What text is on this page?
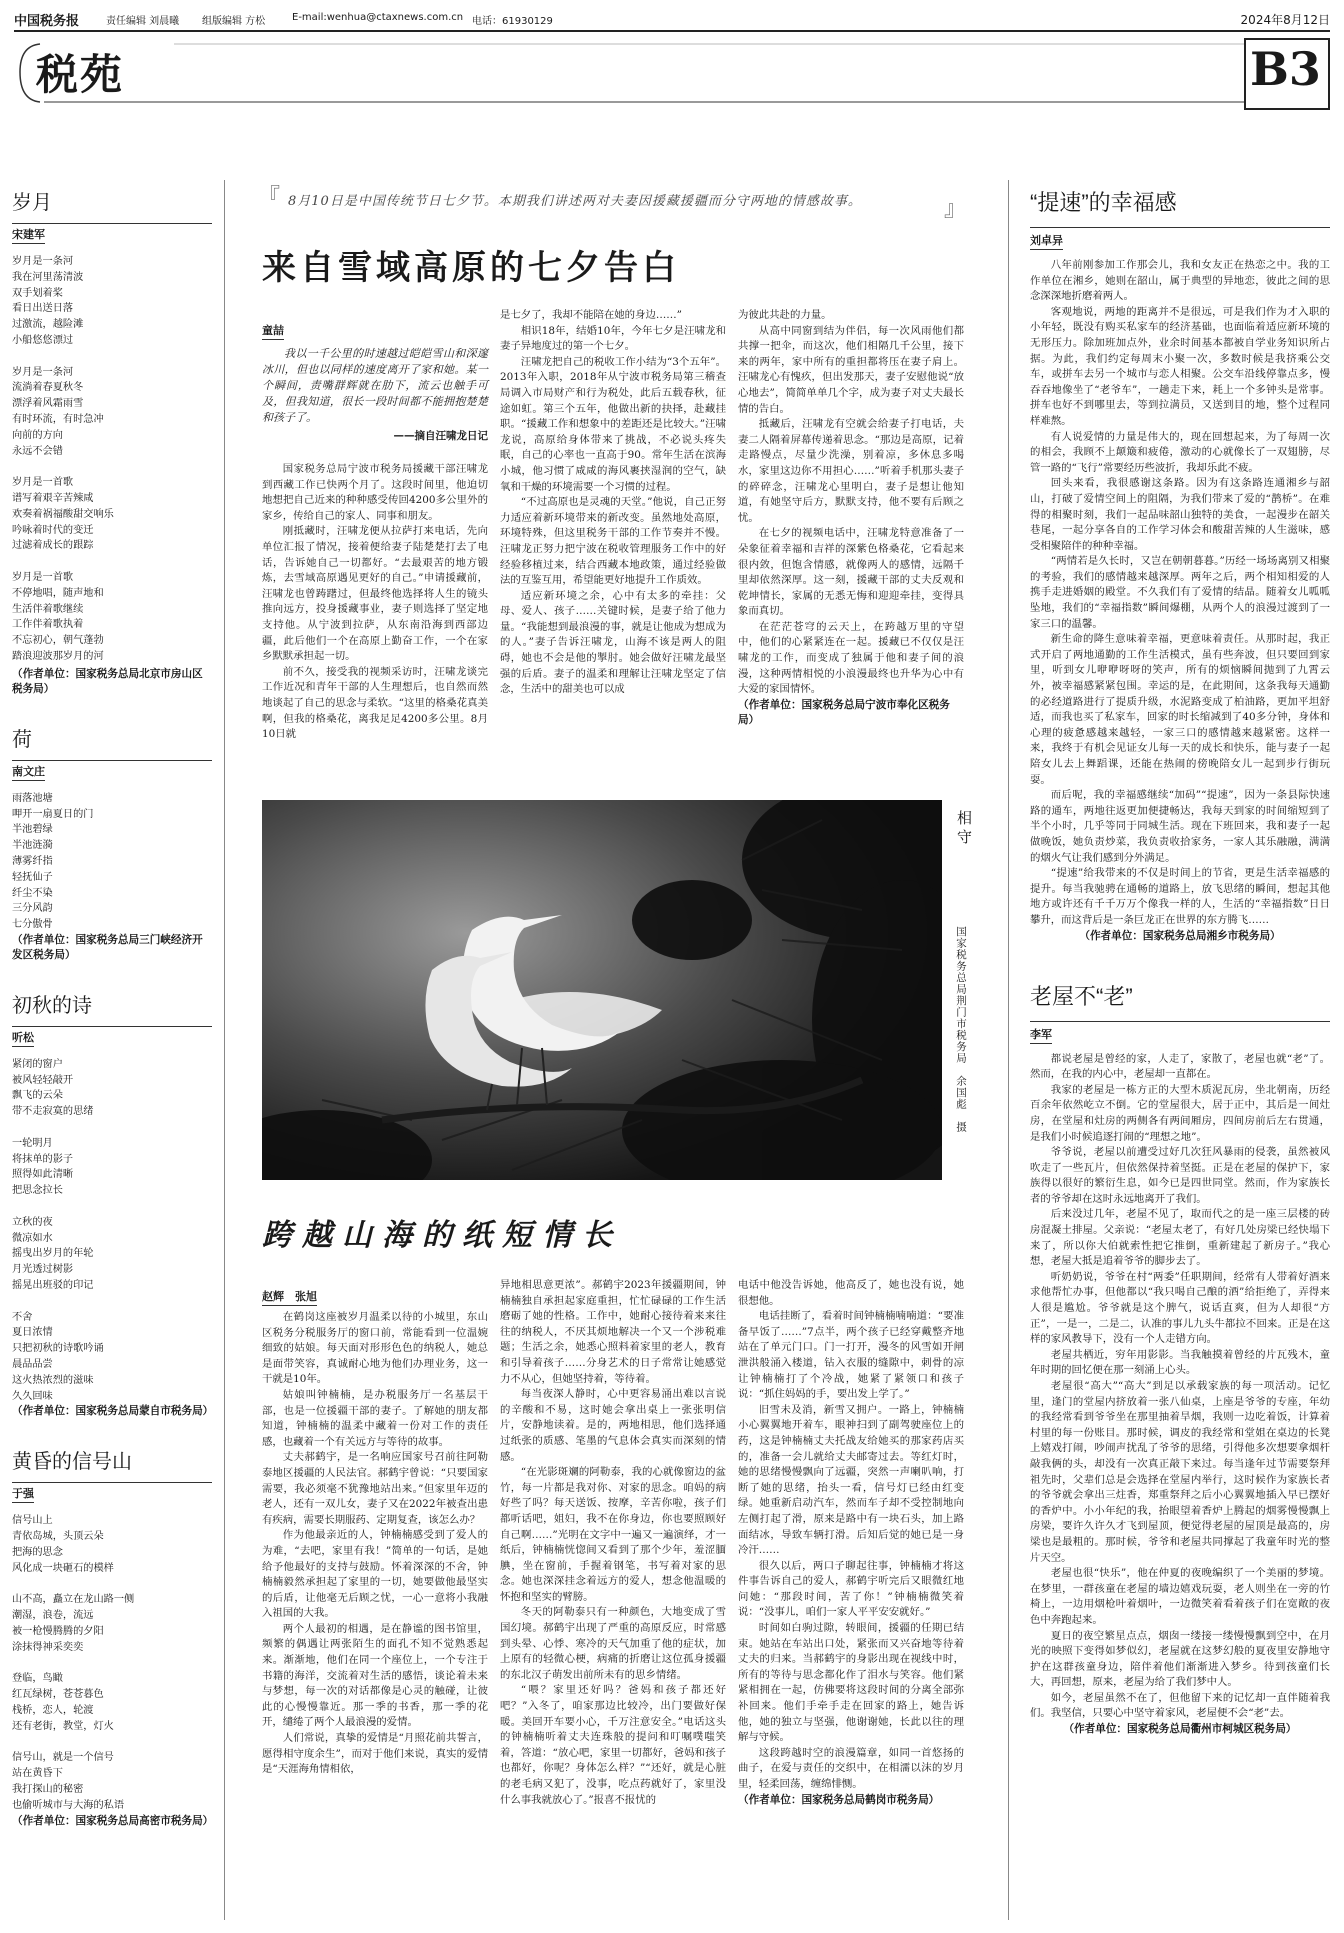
中国税务报	责任编辑 刘晨曦 组版编辑 方松	E-mail:wenhua@ctaxnews.com.cn 电话：61930129	2024年8月12日
税苑	B3
岁月
宋建军

岁月是一条河
我在河里荡清波
双手划着桨
看日出送日落
过激流，越险滩
小船悠悠漂过

岁月是一条河
流淌着春夏秋冬
漂浮着风霜雨雪
有时环流，有时急冲
向前的方向
永远不会错

岁月是一首歌
谱写着艰辛苦辣咸
欢奏着祸福酸甜交响乐
吟咏着时代的变迁
过滤着成长的跟踪

岁月是一首歌
不停地唱，随声地和
生活伴着歌继续
工作伴着歌执着
不忘初心，朝气蓬勃
踏浪迎波那岁月的河

（作者单位：国家税务总局北京市房山区税务局）
荷
南文庄

雨落池塘
呷开一扇夏日的门
半池碧绿
半池涟漪
薄雾纤指
轻抚仙子
纤尘不染
三分风韵
七分傲骨

（作者单位：国家税务总局三门峡经济开发区税务局）
初秋的诗
听松

紧闭的窗户
被风轻轻敲开
飘飞的云朵
带不走寂寞的思绪

一轮明月
将抹单的影子
照得如此清晰
把思念拉长

立秋的夜
微凉如水
摇曳出岁月的年轮
月光透过树影
摇晃出班驳的印记

不舍
夏日浓情
只把初秋的诗歌吟诵
晨品品尝
这火热浓烈的滋味
久久回味

（作者单位：国家税务总局蒙自市税务局）
黄昏的信号山
于强

信号山上
青依岛城，头顶云朵
把海的思念
风化成一块砸石的模样

山不高，矗立在龙山路一侧
潮湿，浪卷，流远
被一枪慢腾腾的夕阳
涂抹得神采奕奕

登临，鸟瞰
红瓦绿树，苍苍暮色
栈桥，恋人，轮渡
还有老街，教堂，灯火

信号山，就是一个信号
站在黄昏下
我打探山的秘密
也偷听城市与大海的私语

（作者单位：国家税务总局高密市税务局）
『 8月10日是中国传统节日七夕节。本期我们讲述两对夫妻因援藏援疆而分守两地的情感故事。	』
来自雪域高原的七夕告白
童喆

我以一千公里的时速越过皑皑雪山和深邃冰川，但也以同样的速度离开了家和她。某一个瞬间，责嘴群辉就在肋下，流云也触手可及，但我知道，很长一段时间都不能拥抱楚楚和孩子了。

——摘自汪啸龙日记

国家税务总局宁波市税务局援藏干部汪啸龙到西藏工作已快两个月了。这段时间里，他迫切地想把自己近来的种种感受传回4200多公里外的家乡，传给自己的家人、同事和朋友。

刚抵藏时，汪啸龙便从拉萨打来电话，先向单位汇报了情况，接着便给妻子陆楚楚打去了电话，告诉她自己一切都好。“去最艰苦的地方锻炼，去雪域高原遇见更好的自己。”申请援藏前，汪啸龙也曾踌躇过，但最终他选择将人生的镜头推向远方，投身援藏事业，妻子则选择了坚定地支持他。从宁波到拉萨，从东南沿海到西部边疆，此后他们一个在高原上勤奋工作，一个在家乡默默承担起一切。

前不久，接受我的视频采访时，汪啸龙谈完工作近况和青年干部的人生理想后，也自然而然地谈起了自己的思念与柔软。“这里的格桑花真美啊，但我的格桑花，离我足足4200多公里。8月10日就

是七夕了，我却不能陪在她的身边……”

相识18年，结婚10年，今年七夕是汪啸龙和妻子异地度过的第一个七夕。

汪啸龙把自己的税收工作小结为“3个五年”。2013年入职，2018年从宁波市税务局第三稽查局调入市局财产和行为税处，此后五载春秋，征途如虹。第三个五年，他做出新的抉择，赴藏挂职。“援藏工作和想象中的差距还是比较大。”汪啸龙说，高原给身体带来了挑战，不必说头疼失眠，自己的心率也一直高于90。常年生活在滨海小城，他习惯了咸咸的海风裹挟湿润的空气，缺氧和干燥的环境需要一个习惯的过程。

“不过高原也是灵魂的天堂。”他说，自己正努力适应着新环境带来的新改变。虽然地处高原，环境特殊，但这里税务干部的工作节奏并不慢。汪啸龙正努力把宁波在税收管理服务工作中的好经验移植过来，结合西藏本地政策，通过经验做法的互鉴互用，希望能更好地提升工作质效。

适应新环境之余，心中有太多的牵挂：父母、爱人、孩子……关键时候，是妻子给了他力量。“我能想到最浪漫的事，就是让他成为想成为的人。”妻子告诉汪啸龙，山海不该是两人的阻碍，她也不会是他的掣肘。她会做好汪啸龙最坚强的后盾。妻子的温柔和理解让汪啸龙坚定了信念，生活中的甜美也可以成

为彼此共赴的力量。

从高中同窗到结为伴侣，每一次风雨他们都共撑一把伞，而这次，他们相隔几千公里，接下来的两年，家中所有的重担都将压在妻子肩上。汪啸龙心有愧疚，但出发那天，妻子安慰他说“放心地去”，简简单单几个字，成为妻子对丈夫最长情的告白。

抵藏后，汪啸龙有空就会给妻子打电话，夫妻二人隔着屏幕传递着思念。“那边是高原，记着走路慢点，尽量少洗澡，别着凉，多休息多喝水，家里这边你不用担心……”听着手机那头妻子的碎碎念，汪啸龙心里明白，妻子是想让他知道，有她坚守后方，默默支持，他不要有后顾之忧。

在七夕的视频电话中，汪啸龙特意准备了一朵象征着幸福和吉祥的深紫色格桑花，它看起来很内敛，但饱含情感，就像两人的感情，远隔千里却依然深厚。这一刻，援藏干部的丈夫反观和乾坤情长，家属的无悉无悔和迎迎牵挂，变得具象而真切。

在茫茫苍穹的云天上，在跨越万里的守望中，他们的心紧紧连在一起。援藏已不仅仅是汪啸龙的工作，而变成了独属于他和妻子间的浪漫，这种两情相悦的小浪漫最终也升华为心中有大爱的家国情怀。

（作者单位：国家税务总局宁波市奉化区税务局）
相守
国家税务总局荆门市税务局　余国彪　摄
跨越山海的纸短情长
赵辉　张旭

在鹤岗这座被岁月温柔以待的小城里，东山区税务分税服务厅的窗口前，常能看到一位温婉细致的姑娘。每天面对形形色色的纳税人，她总是面带笑容，真诚耐心地为他们办理业务，这一干就是10年。

姑娘叫钟楠楠，是办税服务厅一名基层干部，也是一位援疆干部的妻子。了解她的朋友都知道，钟楠楠的温柔中藏着一份对工作的责任感，也藏着一个有关远方与等待的故事。

丈夫郝鹤宇，是一名响应国家号召前往阿勒泰地区援疆的人民法官。郝鹤宇曾说：“只要国家需要，我必须毫不犹豫地站出来。”但家里年迈的老人，还有一双儿女，妻子又在2022年被查出患有疾病，需要长期服药、定期复查，该怎么办？

作为他最亲近的人，钟楠楠感受到了爱人的为难，“去吧，家里有我！”简单的一句话，是她给予他最好的支持与鼓励。怀着深深的不舍，钟楠楠毅然承担起了家里的一切，她要做他最坚实的后盾，让他毫无后顾之忧，一心一意将小我融入祖国的大我。

两个人最初的相遇，是在静谧的图书馆里，频繁的偶遇让两张陌生的面孔不知不觉熟悉起来。渐渐地，他们在同一个座位上，一个专注于书籍的海洋，交流着对生活的感悟，谈论着未来与梦想，每一次的对话都像是心灵的触碰，让彼此的心慢慢靠近。那一季的书香，那一季的花开，缱绻了两个人最浪漫的爱情。

人们常说，真挚的爱情是“月照花前共誓言，愿得相守度余生”，而对于他们来说，真实的爱情是“天涯海角情相依，

异地相思意更浓”。郝鹤宇2023年援疆期间，钟楠楠独自承担起家庭重担，忙忙碌碌的工作生活磨砺了她的性格。工作中，她耐心接待着来来往往的纳税人，不厌其烦地解决一个又一个涉税难题；生活之余，她悉心照料着家里的老人，教育和引导着孩子……分身艺术的日子常常让她感觉力不从心，但她坚持着，等待着。

每当夜深人静时，心中更容易涌出难以言说的辛酸和不易，这时她会拿出桌上一张张明信片，安静地读着。是的，两地相思，他们选择通过纸张的质感、笔墨的气息体会真实而深刻的情感。

“在光影斑斓的阿勒泰，我的心就像窗边的盆竹，每一片都是我对你、对家的思念。咱妈的病好些了吗？每天送饭、按摩，辛苦你啦，孩子们都听话吧，姐妇，我不在你身边，你也要照顾好自己啊……”光明在文字中一遍又一遍演绎，才一纸后，钟楠楠恍惚间又看到了那个少年，羞涩腼腆，坐在窗前，手握着钢笔，书写着对家的思念。她也深深挂念着远方的爱人，想念他温暖的怀抱和坚实的臂膀。

冬天的阿勒泰只有一种颜色，大地变成了雪国幻境。郝鹤宇出现了严重的高原反应，时常感到头晕、心悸、寒冷的天气加重了他的症状，加上原有的轻微心梗，病痛的折磨让这位孤身援疆的东北汉子萌发出前所未有的思乡情绪。

“喂？家里还好吗？爸妈和孩子都还好吧？”入冬了，咱家那边比较冷，出门要做好保暖。美回开车要小心，千万注意安全。”电话这头的钟楠楠听着丈夫连珠般的提问和叮嘱噗嗤笑着，答道：“放心吧，家里一切都好，爸妈和孩子也都好，你呢？身体怎么样？”“还好，就是心脏的老毛病又犯了，没事，吃点药就好了，家里没什么事我就放心了。”报喜不报忧的

电话中他没告诉她，他高反了，她也没有说，她很想他。

电话挂断了，看着时间钟楠楠喃喃道：“要准备早饭了……”7点半，两个孩子已经穿戴整齐地站在了单元门口。门一打开，漫冬的风雪如开闸泄洪般涌入楼道，钻入衣服的缝隙中，刺骨的凉让钟楠楠打了个冷战，她紧了紧领口和孩子说：“抓住妈妈的手，要出发上学了。”

旧雪未及消，新雪又拥户。一路上，钟楠楠小心翼翼地开着车，眼神扫到了副驾驶座位上的药，这是钟楠楠丈夫托战友给她买的那家药店买的，准备一会儿就给丈夫邮寄过去。等红灯时，她的思绪慢慢飘向了远疆，突然一声喇叭响，打断了她的思绪，抬头一看，信号灯已经由红变绿。她重新启动汽车，然而车子却不受控制地向左侧打起了滑，原来是路中有一块石头，加上路面结冰，导致车辆打滑。后知后觉的她已是一身冷汗……

很久以后，两口子聊起往事，钟楠楠才将这件事告诉自己的爱人，郝鹤宇听完后又眼微红地问她：“那段时间，苦了你！”钟楠楠微笑着说：“没事儿，咱们一家人平平安安就好。”

时间如白驹过隙，转眼间，援疆的任期已结束。她站在车站出口处，紧张而又兴奋地等待着丈夫的归来。当郝鹤宇的身影出现在视线中时，所有的等待与思念都化作了泪水与笑容。他们紧紧相拥在一起，仿佛要将这段时间的分离全部弥补回来。他们手牵手走在回家的路上，她告诉他，她的独立与坚强，他谢谢她，长此以往的理解与守候。

这段跨越时空的浪漫篇章，如同一首悠扬的曲子，在爱与责任的交织中，在相濡以沫的岁月里，轻柔回荡，缠绵悱恻。

（作者单位：国家税务总局鹤岗市税务局）
“提速”的幸福感
刘卓异

八年前刚参加工作那会儿，我和女友正在热恋之中。我的工作单位在湘乡，她则在韶山，属于典型的异地恋，彼此之间的思念深深地折磨着两人。

客观地说，两地的距离并不是很远，可是我们作为才入职的小年轻，既没有购买私家车的经济基础，也面临着适应新环境的无形压力。除加班加点外，业余时间基本都被自学业务知识所占据。为此，我们约定每周末小聚一次，多数时候是我挤乘公交车，或拼车去另一个城市与恋人相聚。公交车沿线停靠点多，慢吞吞地像坐了“老爷车”，一趟走下来，耗上一个多钟头是常事。拼车也好不到哪里去，等到拉满员，又送到目的地，整个过程同样难熬。

有人说爱情的力量是伟大的，现在回想起来，为了每周一次的相会，我顾不上颠簸和疲倦，激动的心就像长了一双翅膀，尽管一路的“飞行”常要经历些波折，我却乐此不疲。

回头来看，我很感谢这条路。因为有这条路连通湘乡与韶山，打破了爱情空间上的阻隔，为我们带来了爱的“鹊桥”。在难得的相聚时刻，我们一起品味韶山独特的美食，一起漫步在韶关巷尾，一起分享各自的工作学习体会和酸甜苦辣的人生滋味，感受相聚陪伴的种种幸福。

“两情若是久长时，又岂在朝朝暮暮。”历经一场场离别又相聚的考验，我们的感情越来越深厚。两年之后，两个相知相爱的人携手走进婚姻的殿堂。不久我们有了爱情的结晶。随着女儿呱呱坠地，我们的“幸福指数”瞬间爆棚，从两个人的浪漫过渡到了一家三口的温馨。

新生命的降生意味着幸福，更意味着责任。从那时起，我正式开启了两地通勤的工作生活模式，虽有些奔波，但只要回到家里，听到女儿咿咿呀呀的笑声，所有的烦恼瞬间抛到了九霄云外，被幸福感紧紧包围。幸运的是，在此期间，这条我每天通勤的必经道路进行了提质升级，水泥路变成了柏油路，更加平坦舒适，而我也买了私家车，回家的时长缩减到了40多分钟，身体和心理的疲惫感越来越轻，一家三口的感情越来越紧密。这样一来，我终于有机会见证女儿每一天的成长和快乐，能与妻子一起陪女儿去上舞蹈课，还能在热闹的傍晚陪女儿一起到步行街玩耍。

而后呢，我的幸福感继续“加码”“提速”，因为一条县际快速路的通车，两地往返更加便捷畅达，我每天到家的时间缩短到了半个小时，几乎等同于同城生活。现在下班回来，我和妻子一起做晚饭，她负责炒菜，我负责收拾家务，一家人其乐融融，满满的烟火气让我们感到分外满足。

“提速”给我带来的不仅是时间上的节省，更是生活幸福感的提升。每当我驰骋在通畅的道路上，放飞思绪的瞬间，想起其他地方或许还有千千万万个像我一样的人，生活的“幸福指数”日日攀升，而这背后是一条巨龙正在世界的东方腾飞……

（作者单位：国家税务总局湘乡市税务局）
老屋不“老”
李军

都说老屋是曾经的家，人走了，家散了，老屋也就“老”了。然而，在我的内心中，老屋却一直都在。

我家的老屋是一栋方正的大型木质泥瓦房，坐北朝南，历经百余年依然屹立不倒。它的堂屋很大，居于正中，其后是一间灶房，在堂屋和灶房的两侧各有两间厢房，四间房前后左右贯通，是我们小时候追逐打闹的“理想之地”。

爷爷说，老屋以前遭受过好几次狂风暴雨的侵袭，虽然被风吹走了一些瓦片，但依然保持着坚挺。正是在老屋的保护下，家族得以很好的繁衍生息，如今已是四世同堂。然而，作为家族长者的爷爷却在这时永远地离开了我们。

后来没过几年，老屋不见了，取而代之的是一座三层楼的砖房混凝土排屋。父亲说：“老屋太老了，有好几处房梁已经快塌下来了，所以你大伯就索性把它推倒，重新建起了新房子。”我心想，老屋大抵是追着爷爷的脚步去了。

听奶奶说，爷爷在村“两委”任职期间，经常有人带着好酒来求他帮忙办事，但他都以“我只喝自己酿的酒”给拒绝了，弄得来人很是尴尬。爷爷就是这个脾气，说话直爽，但为人却很“方正”，一是一，二是二，认准的事儿九头牛都拉不回来。正是在这样的家风教导下，没有一个人走错方向。

老屋共栖近，穷年用影影。当我触摸着曾经的片瓦残木，童年时期的回忆便在那一刻涌上心头。

老屋很“高大”“高大”到足以承载家族的每一项活动。记忆里，逢门的堂屋内挤放着一张八仙桌，上座是爷爷的专座，年幼的我经常看到爷爷坐在那里抽着旱烟，我则一边吃着饭，计算着村里的每一份账目。那时候，调皮的我经常和堂姐在桌边的长凳上嬉戏打闹，吵闹声扰乱了爷爷的思绪，引得他多次想要拿烟杆敲我俩的头，却没有一次真正敲下来过。每当逢年过节需要祭拜祖先时，父辈们总是会选择在堂屋内举行，这时候作为家族长者的爷爷就会拿出三炷香，郑重祭拜之后小心翼翼地插入早已摆好的香炉中。小小年纪的我，抬眼望着香炉上腾起的烟雾慢慢飘上房梁，要许久许久才飞到屋顶，便觉得老屋的屋顶是最高的，房梁也是最粗的。那时候，爷爷和老屋共同撑起了我童年时光的整片天空。

老屋也很“快乐”，他在仲夏的夜晚编织了一个美丽的梦境。在梦里，一群孩童在老屋的墙边嬉戏玩耍，老人则坐在一旁的竹椅上，一边用烟枪叶着烟叶，一边微笑着看着孩子们在宽敞的夜色中奔跑起来。

夏日的夜空繁星点点，烟囱一缕接一缕慢慢飘到空中，在月光的映照下变得如梦似幻，老屋就在这梦幻般的夏夜里安静地守护在这群孩童身边，陪伴着他们渐渐进入梦乡。待到孩童们长大，再回想，原来，老屋为给了我们梦中人。

如今，老屋虽然不在了，但他留下来的记忆却一直伴随着我们。我坚信，只要心中坚守着家风，老屋便不会“老”去。

（作者单位：国家税务总局衢州市柯城区税务局）
